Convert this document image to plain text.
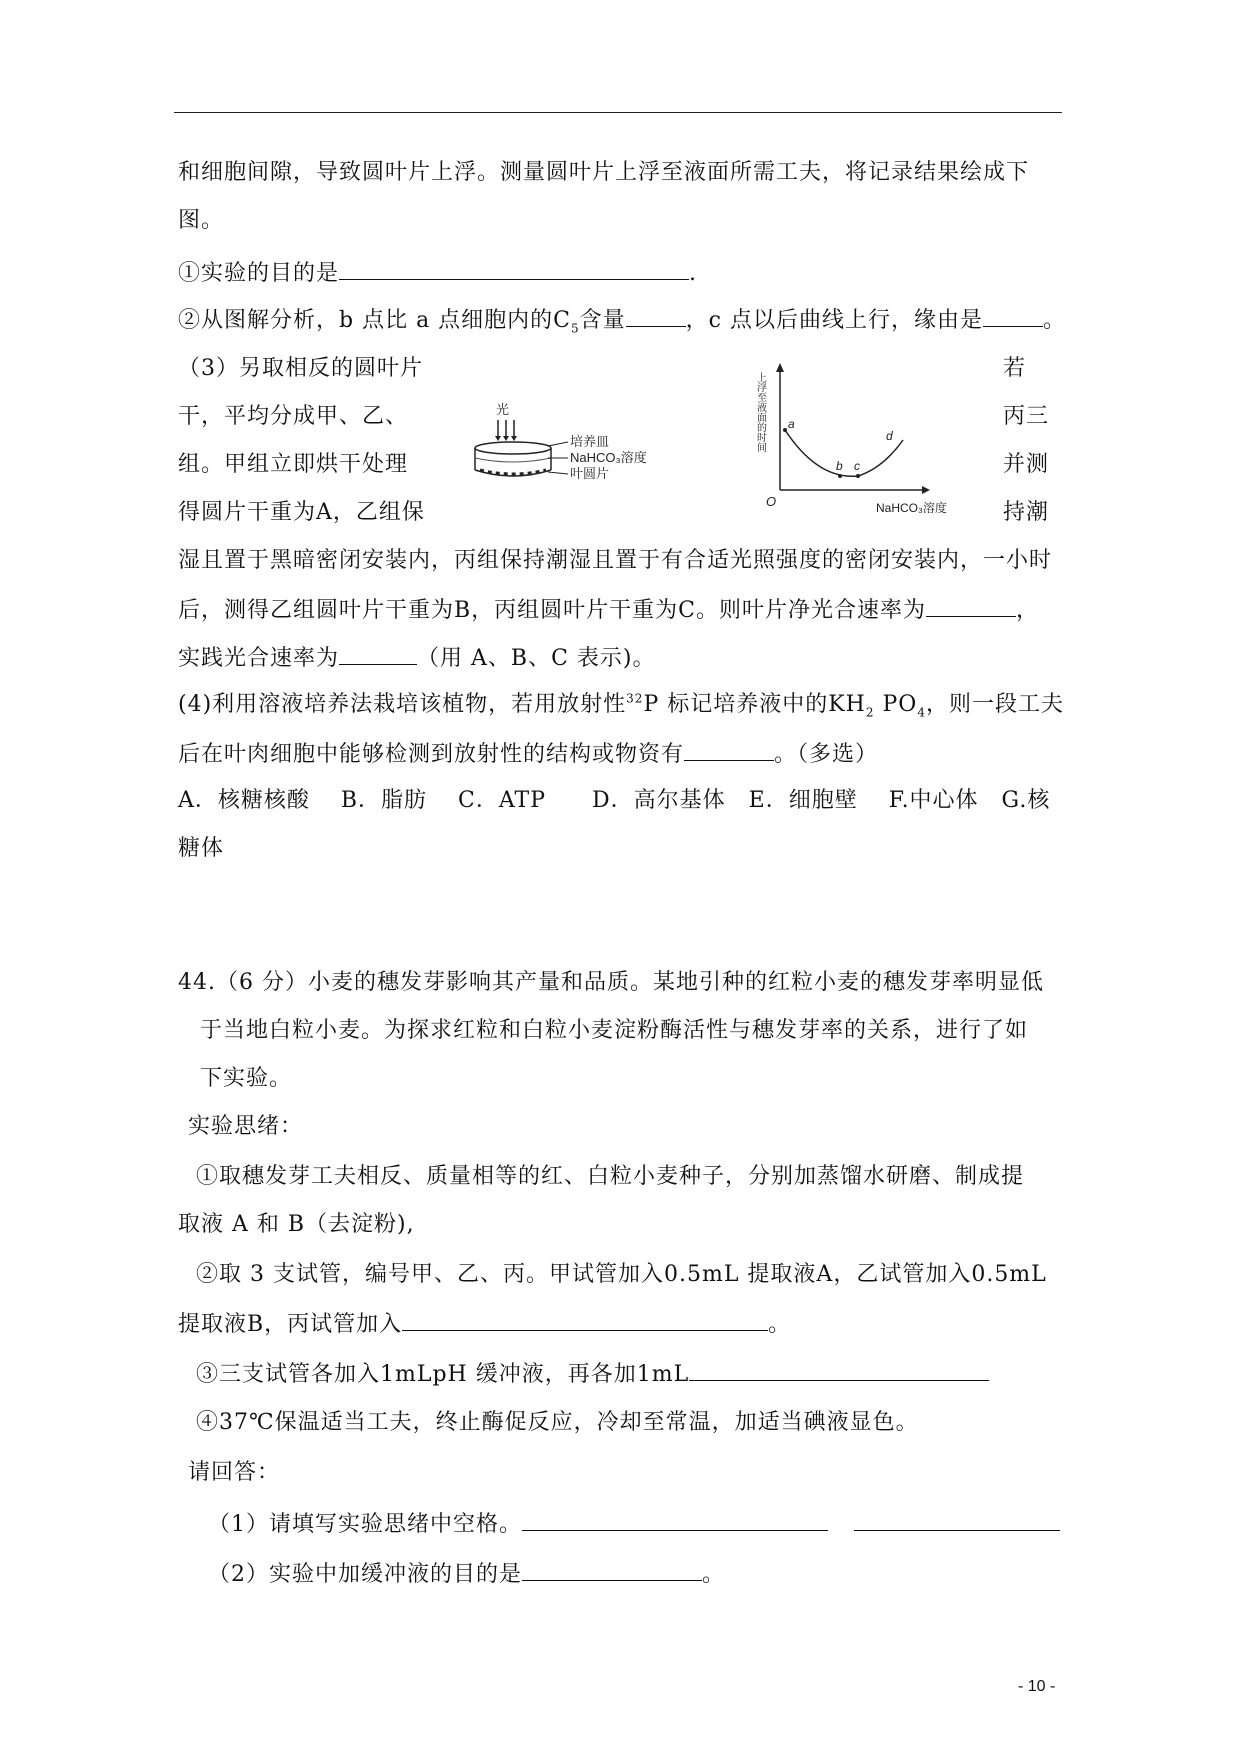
和细胞间隙，导致圆叶片上浮。测量圆叶片上浮至液面所需工夫，将记录结果绘成下
图。
①实验的目的是	.
②从图解分析，b 点比 a 点细胞内的$C_5$含量	，c 点以后曲线上行，缘由是	。
（3）另取相反的圆叶片	若
干，平均分成甲、乙、	丙三
组。甲组立即烘干处理	并测
得圆片干重为A，乙组保	持潮
光
培养皿
NaHCO₃溶度
叶圆片
上浮至液面的时间
O	NaHCO₃溶度
a
b c
d
湿且置于黑暗密闭安装内，丙组保持潮湿且置于有合适光照强度的密闭安装内，一小时
后，测得乙组圆叶片干重为B，丙组圆叶片干重为C。则叶片净光合速率为	，
实践光合速率为	（用 A、B、C 表示)。
(4)利用溶液培养法栽培该植物，若用放射性$^{32}$P 标记培养液中的$KH_2$ $PO_4$，则一段工夫
后在叶肉细胞中能够检测到放射性的结构或物资有	。（多选）
A．核糖核酸　 B．脂肪　 C．ATP　　D．高尔基体　E．细胞壁　 F.中心体　G.核
糖体
44.（6 分）小麦的穗发芽影响其产量和品质。某地引种的红粒小麦的穗发芽率明显低
于当地白粒小麦。为探求红粒和白粒小麦淀粉酶活性与穗发芽率的关系，进行了如
下实验。
实验思绪：
①取穗发芽工夫相反、质量相等的红、白粒小麦种子，分别加蒸馏水研磨、制成提
取液 A 和 B（去淀粉),
②取 3 支试管，编号甲、乙、丙。甲试管加入0.5mL 提取液A，乙试管加入0.5mL
提取液B，丙试管加入	。
③三支试管各加入1mLpH 缓冲液，再各加1mL
④37℃保温适当工夫，终止酶促反应，冷却至常温，加适当碘液显色。
请回答：
（1）请填写实验思绪中空格。
（2）实验中加缓冲液的目的是	。
- 10 -
